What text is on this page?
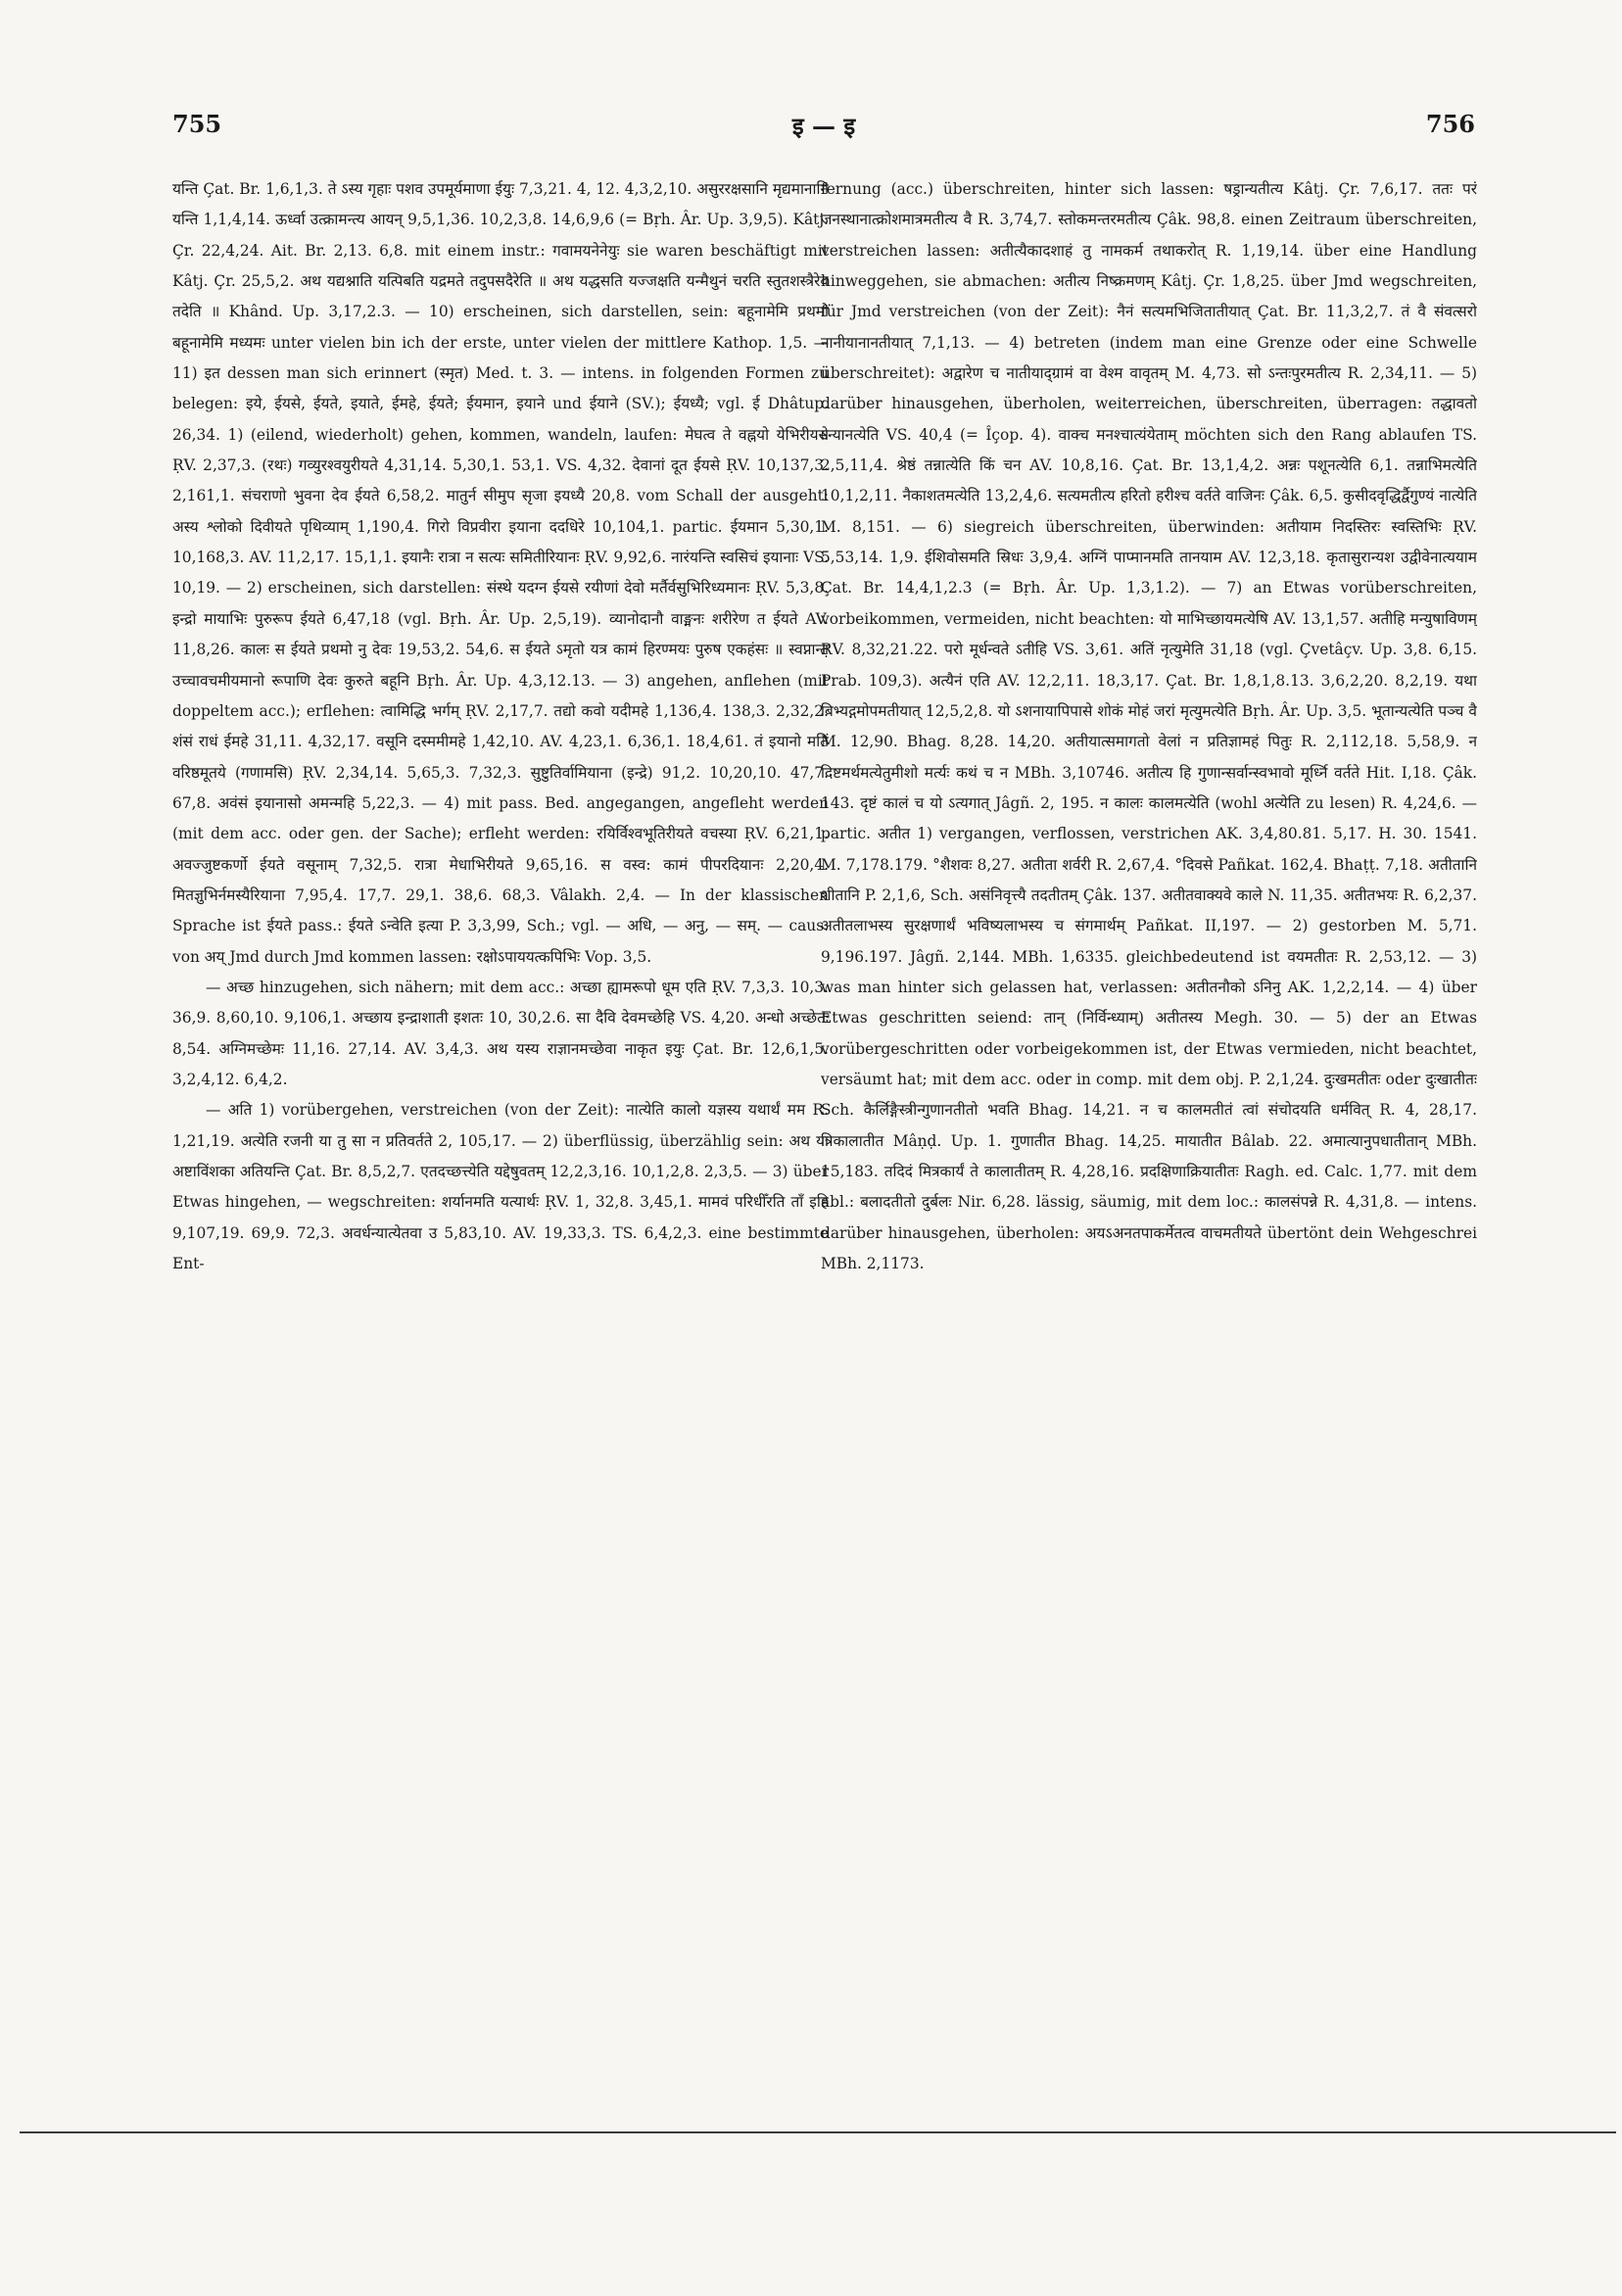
755	इ — इ	756

यन्ति Çat. Br. 1,6,1,3. ते ऽस्य गृहाः पशव उपमूर्यमाणा ईयुः 7,3,21. 4, 12. 4,3,2,10. असुररक्षसानि मृद्यमानानि यन्ति 1,1,4,14. ऊर्ध्वा उत्क्रामन्त्य आयन् 9,5,1,36. 10,2,3,8. 14,6,9,6 (= Bṛh. Âr. Up. 3,9,5). Kâtj. Çr. 22,4,24. Ait. Br. 2,13. 6,8. mit einem instr.: गवामयनेनेयुः sie waren beschäftigt mit Kâtj. Çr. 25,5,2. अथ यद्यश्नाति यत्पिबति यद्रमते तदुपसदैरेति ॥ अथ यद्धसति यज्जक्षति यन्मैथुनं चरति स्तुतशस्त्रैरेव तदेति ॥ Khând. Up. 3,17,2.3. — 10) erscheinen, sich darstellen, sein: बहूनामेमि प्रथमो बहूनामेमि मध्यमः unter vielen bin ich der erste, unter vielen der mittlere Kathop. 1,5. — 11) इत dessen man sich erinnert (स्मृत) Med. t. 3. — intens. in folgenden Formen zu belegen: इये, ईयसे, ईयते, इयाते, ईमहे, ईयते; ईयमान, इयाने und ईयाने (SV.); ईयध्यै; vgl. ई Dhâtup. 26,34. 1) (eilend, wiederholt) gehen, kommen, wandeln, laufen: मेघत्व ते वह्नयो येभिरीयसे ṚV. 2,37,3. (रथः) गव्युरश्वयुरीयते 4,31,14. 5,30,1. 53,1. VS. 4,32. देवानां दूत ईयसे ṚV. 10,137,3. 2,161,1. संचराणो भुवना देव ईयते 6,58,2. मातुर्न सीमुप सृजा इयध्यै 20,8. vom Schall der ausgeht: अस्य श्लोको दिवीयते पृथिव्याम् 1,190,4. गिरो विप्रवीरा इयाना ददधिरे 10,104,1. partic. ईयमान 5,30,1. 10,168,3. AV. 11,2,17. 15,1,1. इयानैः रात्रा न सत्यः समितीरियानः ṚV. 9,92,6. नारंयन्ति स्वसिचं इयानाः VS. 10,19. — 2) erscheinen, sich darstellen: संस्थे यदग्न ईयसे रयीणां देवो मर्तैर्वसुभिरिध्यमानः ṚV. 5,3,8. इन्द्रो मायाभिः पुरुरूप ईयते 6,47,18 (vgl. Bṛh. Âr. Up. 2,5,19). व्यानोदानौ वाङ्मनः शरीरेण त ईयते AV. 11,8,26. कालः स ईयते प्रथमो नु देवः 19,53,2. 54,6. स ईयते ऽमृतो यत्र कामं हिरण्मयः पुरुष एकहंसः ॥ स्वप्नान्त उच्चावचमीयमानो रूपाणि देवः कुरुते बहूनि Bṛh. Âr. Up. 4,3,12.13. — 3) angehen, anflehen (mit doppeltem acc.); erflehen: त्वामिद्धि भर्गम् ṚV. 2,17,7. तद्यो कवो यदीमहे 1,136,4. 138,3. 2,32,2. शंसं राधं ईमहे 31,11. 4,32,17. वसूनि दस्ममीमहे 1,42,10. AV. 4,23,1. 6,36,1. 18,4,61. तं इयानो मतिं वरिष्ठमूतये (गणामसि) ṚV. 2,34,14. 5,65,3. 7,32,3. सुष्टुतिर्वामियाना (इन्द्रे) 91,2. 10,20,10. 47,7. 67,8. अवंसं इयानासो अमन्महि 5,22,3. — 4) mit pass. Bed. angegangen, angefleht werden (mit dem acc. oder gen. der Sache); erfleht werden: रयिर्विश्वभूतिरीयते वचस्या ṚV. 6,21,1. अवज्जुष्टकर्णो ईयते वसूनाम् 7,32,5. रात्रा मेधाभिरीयते 9,65,16. स वस्व: कामं पीपरदियानः 2,20,4. मितज्ञुभिर्नमस्यैरियाना 7,95,4. 17,7. 29,1. 38,6. 68,3. Vâlakh. 2,4. — In der klassischen Sprache ist ईयते pass.: ईयते ऽन्वेति इत्या P. 3,3,99, Sch.; vgl. — अधि, — अनु, — सम्. — caus. von अय् Jmd durch Jmd kommen lassen: रक्षोऽपाययत्कपिभिः Vop. 3,5.

— अच्छ hinzugehen, sich nähern; mit dem acc.: अच्छा ह्यामरूपो धूम एति ṚV. 7,3,3. 10,3. 36,9. 8,60,10. 9,106,1. अच्छाय इन्द्राशाती इशतः 10, 30,2.6. सा दैवि देवमच्छेहि VS. 4,20. अन्धो अच्छेतः 8,54. अग्निमच्छेमः 11,16. 27,14. AV. 3,4,3. अथ यस्य राज्ञानमच्छेवा नाकृत इयुः Çat. Br. 12,6,1,5. 3,2,4,12. 6,4,2.

— अति 1) vorübergehen, verstreichen (von der Zeit): नात्येति कालो यज्ञस्य यथार्थं मम R. 1,21,19. अत्येति रजनी या तु सा न प्रतिवर्तते 2, 105,17. — 2) überflüssig, überzählig sein: अथ या अष्टाविंशका अतियन्ति Çat. Br. 8,5,2,7. एतदच्छत्त्येति यद्देषुवतम् 12,2,3,16. 10,1,2,8. 2,3,5. — 3) über Etwas hingehen, — wegschreiten: शर्यानमति यत्यार्थः ṚV. 1, 32,8. 3,45,1. मामवं परिधीँरति ताँ इहि 9,107,19. 69,9. 72,3. अवर्धन्यात्येतवा उ 5,83,10. AV. 19,33,3. TS. 6,4,2,3. eine bestimmte Ent-

fernung (acc.) überschreiten, hinter sich lassen: षड्रान्यतीत्य Kâtj. Çr. 7,6,17. ततः परं जनस्थानात्क्रोशमात्रमतीत्य वै R. 3,74,7. स्तोकमन्तरमतीत्य Çâk. 98,8. einen Zeitraum überschreiten, verstreichen lassen: अतीत्यैकादशाहं तु नामकर्म तथाकरोत् R. 1,19,14. über eine Handlung hinweggehen, sie abmachen: अतीत्य निष्क्रमणम् Kâtj. Çr. 1,8,25. über Jmd wegschreiten, für Jmd verstreichen (von der Zeit): नैनं सत्यमभिजितातीयात् Çat. Br. 11,3,2,7. तं वै संवत्सरो नानीयानानतीयात् 7,1,13. — 4) betreten (indem man eine Grenze oder eine Schwelle überschreitet): अद्वारेण च नातीयाद्ग्रामं वा वेश्म वावृतम् M. 4,73. सो ऽन्तःपुरमतीत्य R. 2,34,11. — 5) darüber hinausgehen, überholen, weiterreichen, überschreiten, überragen: तद्धावतो ऽन्यानत्येति VS. 40,4 (= Îçop. 4). वाक्च मनश्चात्यंयेताम् möchten sich den Rang ablaufen TS. 2,5,11,4. श्रेष्ठं तन्नात्येति किं चन AV. 10,8,16. Çat. Br. 13,1,4,2. अन्नः पशूनत्येति 6,1. तन्नाभिमत्येति 10,1,2,11. नैकाशतमत्येति 13,2,4,6. सत्यमतीत्य हरितो हरीश्च वर्तते वाजिनः Çâk. 6,5. कुसीदवृद्धिर्द्वैगुण्यं नात्येति M. 8,151. — 6) siegreich überschreiten, überwinden: अतीयाम निदस्तिरः स्वस्तिभिः ṚV. 5,53,14. 1,9. ईशिवोसमति स्रिधः 3,9,4. अग्निं पाप्मानमति तानयाम AV. 12,3,18. कृतासुरान्यश उद्वीवेनात्ययाम Çat. Br. 14,4,1,2.3 (= Bṛh. Âr. Up. 1,3,1.2). — 7) an Etwas vorüberschreiten, vorbeikommen, vermeiden, nicht beachten: यो माभिच्छायमत्येषि AV. 13,1,57. अतीहि मन्युषाविणम् ṚV. 8,32,21.22. परो मूर्धन्वते ऽतीहि VS. 3,61. अतिं नृत्युमेति 31,18 (vgl. Çvetâçv. Up. 3,8. 6,15. Prab. 109,3). अत्यैनं एति AV. 12,2,11. 18,3,17. Çat. Br. 1,8,1,8.13. 3,6,2,20. 8,2,19. यथा बिभ्यद्गमोपमतीयात् 12,5,2,8. यो ऽशनायापिपासे शोकं मोहं जरां मृत्युमत्येति Bṛh. Âr. Up. 3,5. भूतान्यत्येति पञ्च वै M. 12,90. Bhag. 8,28. 14,20. अतीयात्समागतो वेलां न प्रतिज्ञामहं पितुः R. 2,112,18. 5,58,9. न दिष्टमर्थमत्येतुमीशो मर्त्यः कथं च न MBh. 3,10746. अतीत्य हि गुणान्सर्वान्स्वभावो मूर्ध्नि वर्तते Hit. I,18. Çâk. 143. दृष्टं कालं च यो ऽत्यगात् Jâgñ. 2, 195. न कालः कालमत्येति (wohl अत्येति zu lesen) R. 4,24,6. — partic. अतीत 1) vergangen, verflossen, verstrichen AK. 3,4,80.81. 5,17. H. 30. 1541. M. 7,178.179. °शैशवः 8,27. अतीता शर्वरी R. 2,67,4. °दिवसे Pañkat. 162,4. Bhaṭṭ. 7,18. अतीतानि शीतानि P. 2,1,6, Sch. असंनिवृत्त्यै तदतीतम् Çâk. 137. अतीतवाक्यवे काले N. 11,35. अतीतभयः R. 6,2,37. अतीतलाभस्य सुरक्षणार्थं भविष्यलाभस्य च संगमार्थम् Pañkat. II,197. — 2) gestorben M. 5,71. 9,196.197. Jâgñ. 2,144. MBh. 1,6335. gleichbedeutend ist वयमतीतः R. 2,53,12. — 3) was man hinter sich gelassen hat, verlassen: अतीतनौको ऽनिनु AK. 1,2,2,14. — 4) über Etwas geschritten seiend: तान् (निर्विन्ध्याम्) अतीतस्य Megh. 30. — 5) der an Etwas vorübergeschritten oder vorbeigekommen ist, der Etwas vermieden, nicht beachtet, versäumt hat; mit dem acc. oder in comp. mit dem obj. P. 2,1,24. दुःखमतीतः oder दुःखातीतः Sch. कैर्लिङ्गैस्त्रीन्गुणानतीतो भवति Bhag. 14,21. न च कालमतीतं त्वां संचोदयति धर्मवित् R. 4, 28,17. त्रिकालातीत Mâṇḍ. Up. 1. गुणातीत Bhag. 14,25. मायातीत Bâlab. 22. अमात्यानुपधातीतान् MBh. 15,183. तदिदं मित्रकार्यं ते कालातीतम् R. 4,28,16. प्रदक्षिणाक्रियातीतः Ragh. ed. Calc. 1,77. mit dem abl.: बलादतीतो दुर्बलः Nir. 6,28. lässig, säumig, mit dem loc.: कालसंपन्ने R. 4,31,8. — intens. darüber hinausgehen, überholen: अयऽअनतपाकर्मेतत्व वाचमतीयते übertönt dein Wehgeschrei MBh. 2,1173.
